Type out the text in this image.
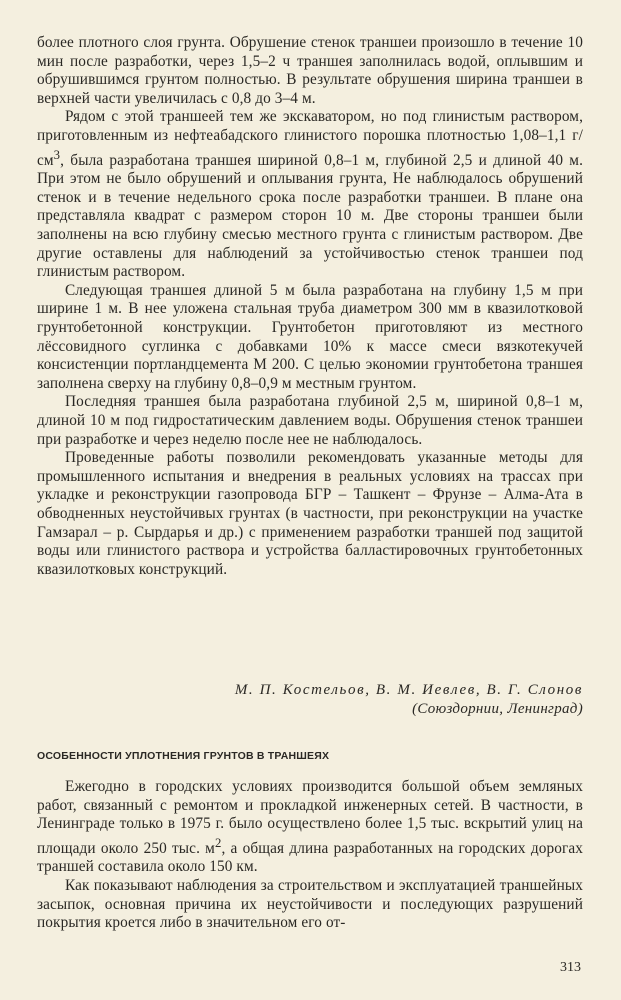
более плотного слоя грунта. Обрушение стенок траншеи произошло в течение 10 мин после разработки, через 1,5–2 ч траншея заполнилась водой, оплывшим и обрушившимся грунтом полностью. В результате обрушения ширина траншеи в верхней части увеличилась с 0,8 до 3–4 м.

Рядом с этой траншеей тем же экскаватором, но под глинистым раствором, приготовленным из нефтеабадского глинистого порошка плотностью 1,08–1,1 $г/см^3$, была разработана траншея шириной 0,8–1 м, глубиной 2,5 и длиной 40 м. При этом не было обрушений и оплывания грунта, Не наблюдалось обрушений стенок и в течение недельного срока после разработки траншеи. В плане она представляла квадрат с размером сторон 10 м. Две стороны траншеи были заполнены на всю глубину смесью местного грунта с глинистым раствором. Две другие оставлены для наблюдений за устойчивостью стенок траншеи под глинистым раствором.

Следующая траншея длиной 5 м была разработана на глубину 1,5 м при ширине 1 м. В нее уложена стальная труба диаметром 300 мм в квазилотковой грунтобетонной конструкции. Грунтобетон приготовляют из местного лёссовидного суглинка с добавками 10% к массе смеси вязкотекучей консистенции портландцемента М 200. С целью экономии грунтобетона траншея заполнена сверху на глубину 0,8–0,9 м местным грунтом.

Последняя траншея была разработана глубиной 2,5 м, шириной 0,8–1 м, длиной 10 м под гидростатическим давлением воды. Обрушения стенок траншеи при разработке и через неделю после нее не наблюдалось.

Проведенные работы позволили рекомендовать указанные методы для промышленного испытания и внедрения в реальных условиях на трассах при укладке и реконструкции газопровода БГР – Ташкент – Фрунзе – Алма-Ата в обводненных неустойчивых грунтах (в частности, при реконструкции на участке Гамзарал – р. Сырдарья и др.) с применением разработки траншей под защитой воды или глинистого раствора и устройства балластировочных грунтобетонных квазилотковых конструкций.

М. П. Костельов, В. М. Иевлев, В. Г. Слонов
(Союздорнии, Ленинград)
ОСОБЕННОСТИ УПЛОТНЕНИЯ ГРУНТОВ В ТРАНШЕЯХ

Ежегодно в городских условиях производится большой объем земляных работ, связанный с ремонтом и прокладкой инженерных сетей. В частности, в Ленинграде только в 1975 г. было осуществлено более 1,5 тыс. вскрытий улиц на площади около 250 тыс. $м^2$, а общая длина разработанных на городских дорогах траншей составила около 150 км.

Как показывают наблюдения за строительством и эксплуатацией траншейных засыпок, основная причина их неустойчивости и последующих разрушений покрытия кроется либо в значительном его от-

313
